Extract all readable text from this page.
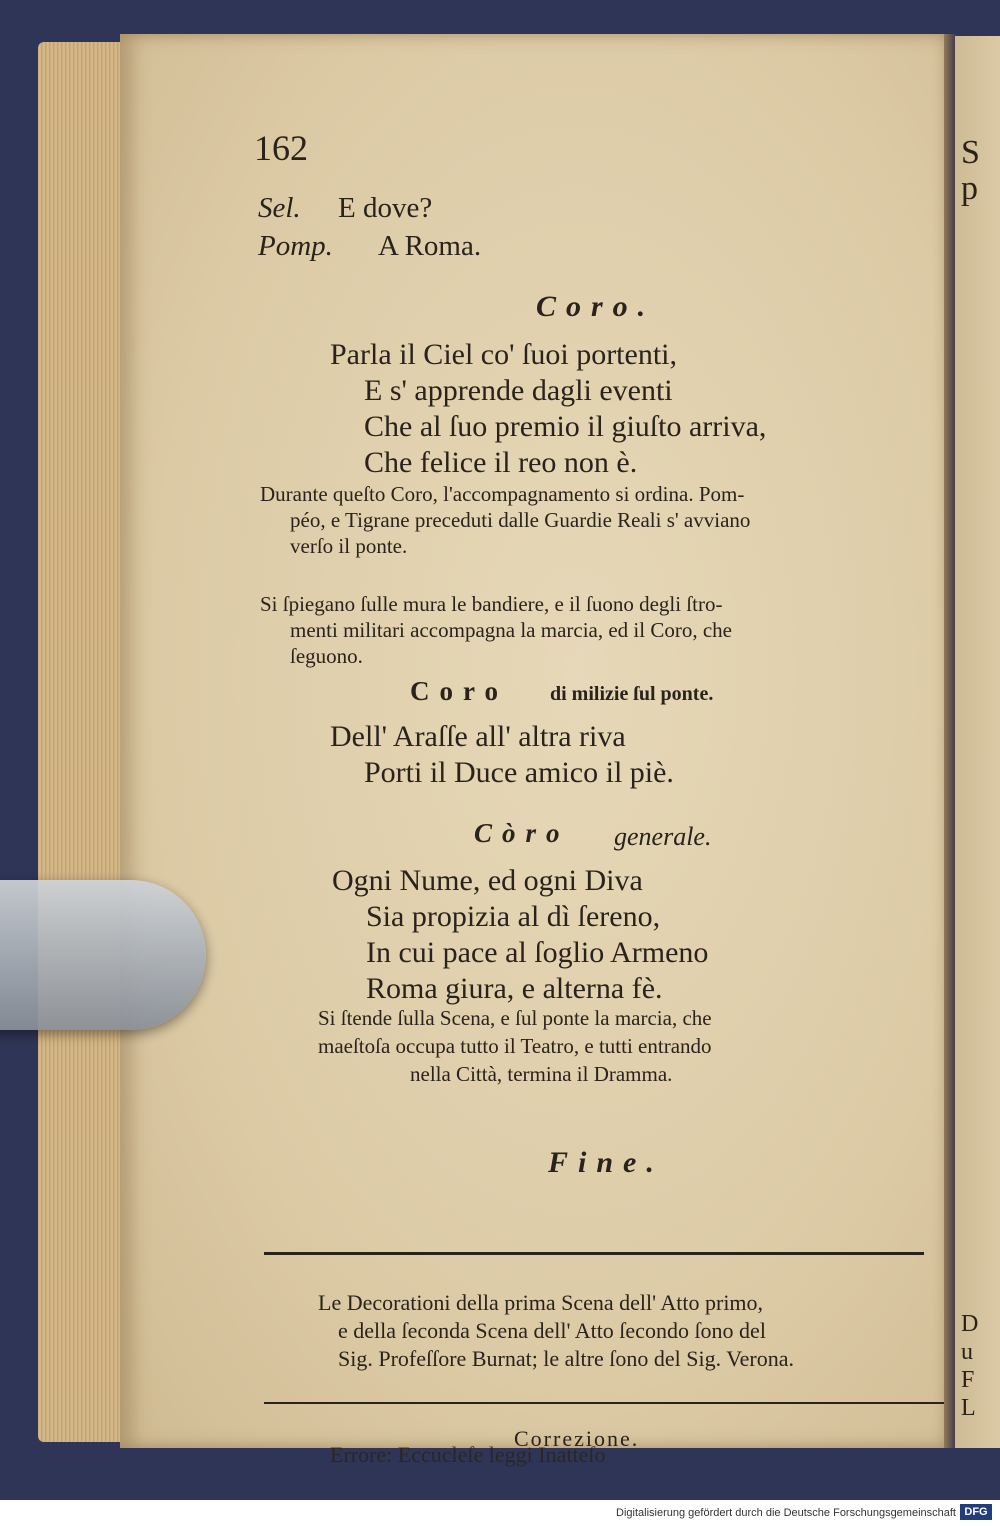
162
Sel. E dove?
Pomp. A Roma.
Coro.
Parla il Ciel co' ſuoi portenti,
E s' apprende dagli eventi
Che al ſuo premio il giuſto arriva,
Che felice il reo non è.
Durante queſto Coro, l'accompagnamento si ordina. Pom-
péo, e Tigrane preceduti dalle Guardie Reali s' avviano
verſo il ponte.
Si ſpiegano ſulle mura le bandiere, e il ſuono degli ſtro-
menti militari accompagna la marcia, ed il Coro, che
ſeguono.
Coro di milizie ſul ponte.
Dell' Araſſe all' altra riva
Porti il Duce amico il piè.
Còro generale.
Ogni Nume, ed ogni Diva
Sia propizia al dì ſereno,
In cui pace al ſoglio Armeno
Roma giura, e alterna fè.
Si ſtende ſulla Scena, e ſul ponte la marcia, che
maeſtoſa occupa tutto il Teatro, e tutti entrando
nella Città, termina il Dramma.
Fine.
Le Decorationi della prima Scena dell' Atto primo,
e della ſeconda Scena dell' Atto ſecondo ſono del
Sig. Profeſſore Burnat; le altre ſono del Sig. Verona.
Correzione.
S
p
D
u
F
L
Digitalisierung gefördert durch die Deutsche Forschungsgemeinschaft DFG
